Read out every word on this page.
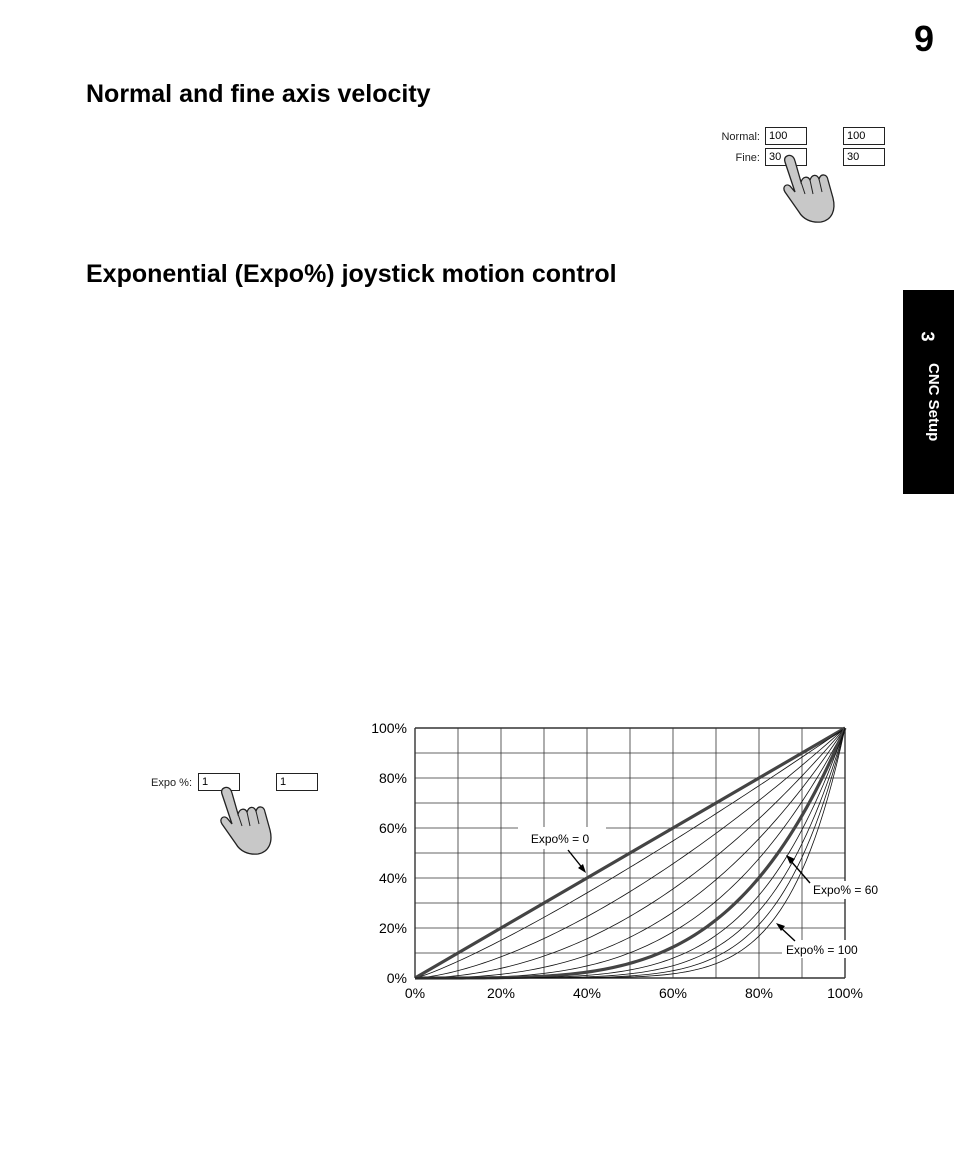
9
3
CNC Setup
Normal and fine axis velocity
Normal: 100	100
Fine: 30	30
Exponential (Expo%) joystick motion control
Expo %: 1	1
0%	20%	40%	60%	80%	100%
0%
20%
40%
60%
80%
100%
Expo% = 0
Expo% = 60
Expo% = 100
